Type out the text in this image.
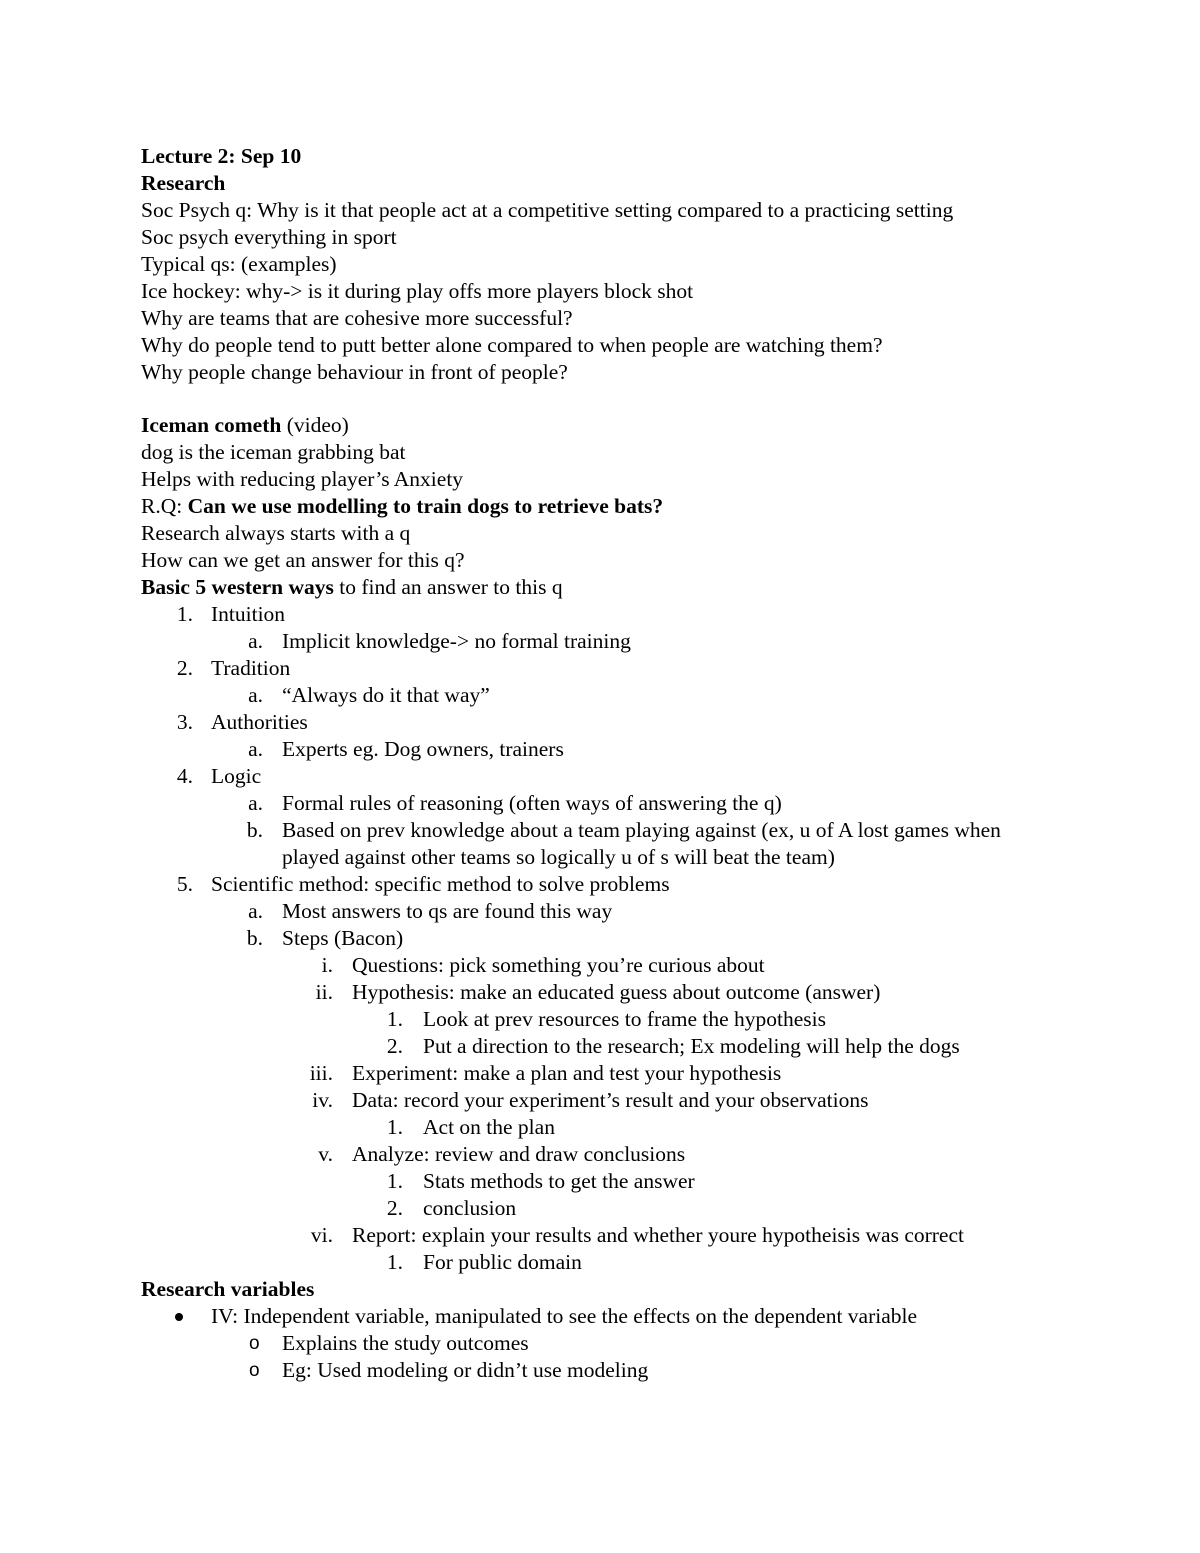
Lecture 2: Sep 10
Research
Soc Psych q: Why is it that people act at a competitive setting compared to a practicing setting
Soc psych everything in sport
Typical qs: (examples)
Ice hockey: why-> is it during play offs more players block shot
Why are teams that are cohesive more successful?
Why do people tend to putt better alone compared to when people are watching them?
Why people change behaviour in front of people?
Iceman cometh (video)
dog is the iceman grabbing bat
Helps with reducing player’s Anxiety
R.Q: Can we use modelling to train dogs to retrieve bats?
Research always starts with a q
How can we get an answer for this q?
Basic 5 western ways to find an answer to this q
1. Intuition
a. Implicit knowledge-> no formal training
2. Tradition
a. “Always do it that way”
3. Authorities
a. Experts eg. Dog owners, trainers
4. Logic
a. Formal rules of reasoning (often ways of answering the q)
b. Based on prev knowledge about a team playing against (ex, u of A lost games when played against other teams so logically u of s will beat the team)
5. Scientific method: specific method to solve problems
a. Most answers to qs are found this way
b. Steps (Bacon)
i. Questions: pick something you’re curious about
ii. Hypothesis: make an educated guess about outcome (answer)
1. Look at prev resources to frame the hypothesis
2. Put a direction to the research; Ex modeling will help the dogs
iii. Experiment: make a plan and test your hypothesis
iv. Data: record your experiment’s result and your observations
1. Act on the plan
v. Analyze: review and draw conclusions
1. Stats methods to get the answer
2. conclusion
vi. Report: explain your results and whether youre hypotheisis was correct
1. For public domain
Research variables
IV: Independent variable, manipulated to see the effects on the dependent variable
o Explains the study outcomes
o Eg: Used modeling or didn’t use modeling
